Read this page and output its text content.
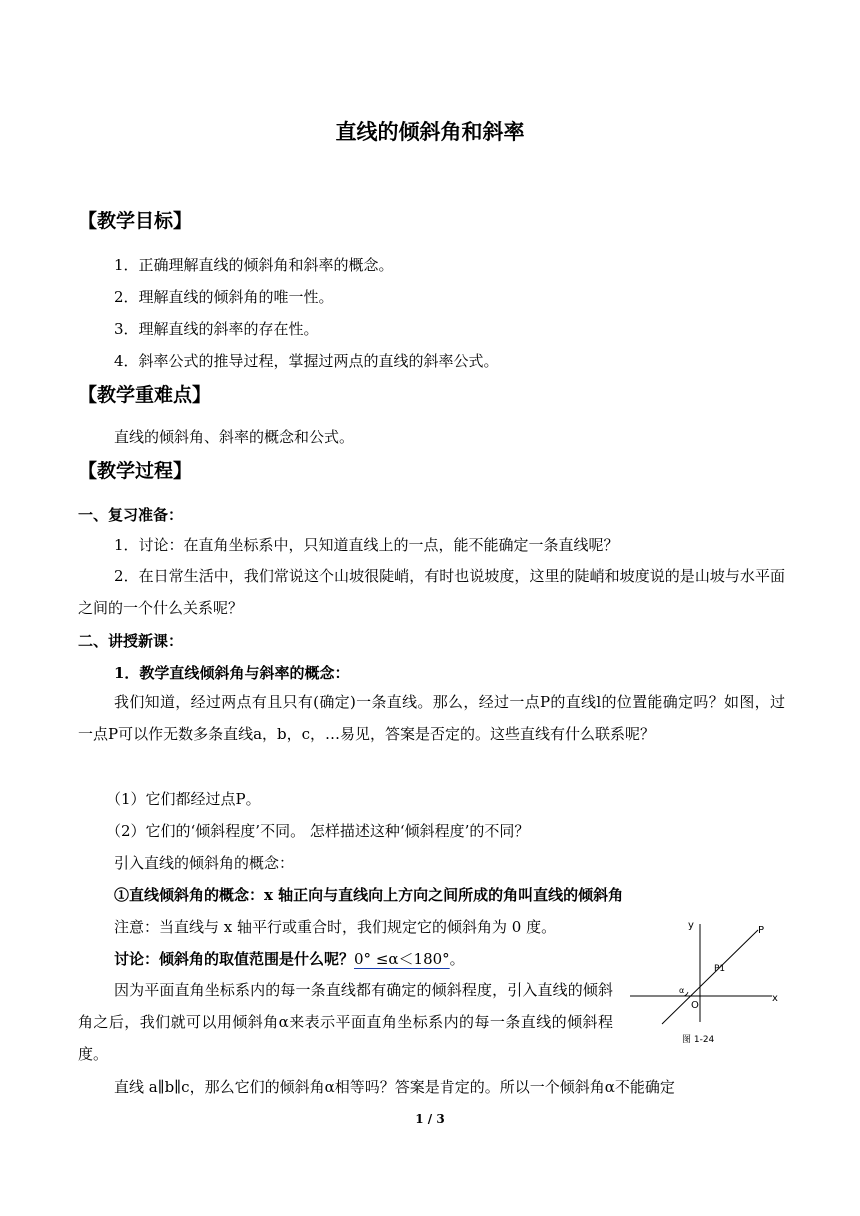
直线的倾斜角和斜率
【教学目标】
1．正确理解直线的倾斜角和斜率的概念。
2．理解直线的倾斜角的唯一性。
3．理解直线的斜率的存在性。
4．斜率公式的推导过程，掌握过两点的直线的斜率公式。
【教学重难点】
直线的倾斜角、斜率的概念和公式。
【教学过程】
一、复习准备：
1．讨论：在直角坐标系中，只知道直线上的一点，能不能确定一条直线呢？
2．在日常生活中，我们常说这个山坡很陡峭，有时也说坡度，这里的陡峭和坡度说的是山坡与水平面之间的一个什么关系呢？
二、讲授新课：
1．教学直线倾斜角与斜率的概念：
我们知道，经过两点有且只有(确定)一条直线。那么，经过一点P的直线l的位置能确定吗？如图，过一点P可以作无数多条直线a，b，c，…易见，答案是否定的。这些直线有什么联系呢？
（1）它们都经过点P。
（2）它们的‘倾斜程度’不同。 怎样描述这种‘倾斜程度’的不同？
引入直线的倾斜角的概念：
①直线倾斜角的概念：x 轴正向与直线向上方向之间所成的角叫直线的倾斜角
注意：当直线与 x 轴平行或重合时，我们规定它的倾斜角为 0 度。
讨论：倾斜角的取值范围是什么呢？0° ≤α＜180°。
因为平面直角坐标系内的每一条直线都有确定的倾斜程度，引入直线的倾斜角之后，我们就可以用倾斜角α来表示平面直角坐标系内的每一条直线的倾斜程度。
直线 a∥b∥c，那么它们的倾斜角α相等吗？答案是肯定的。所以一个倾斜角α不能确定
y	P
P1
α
O
x
图 1-24
1 / 3
